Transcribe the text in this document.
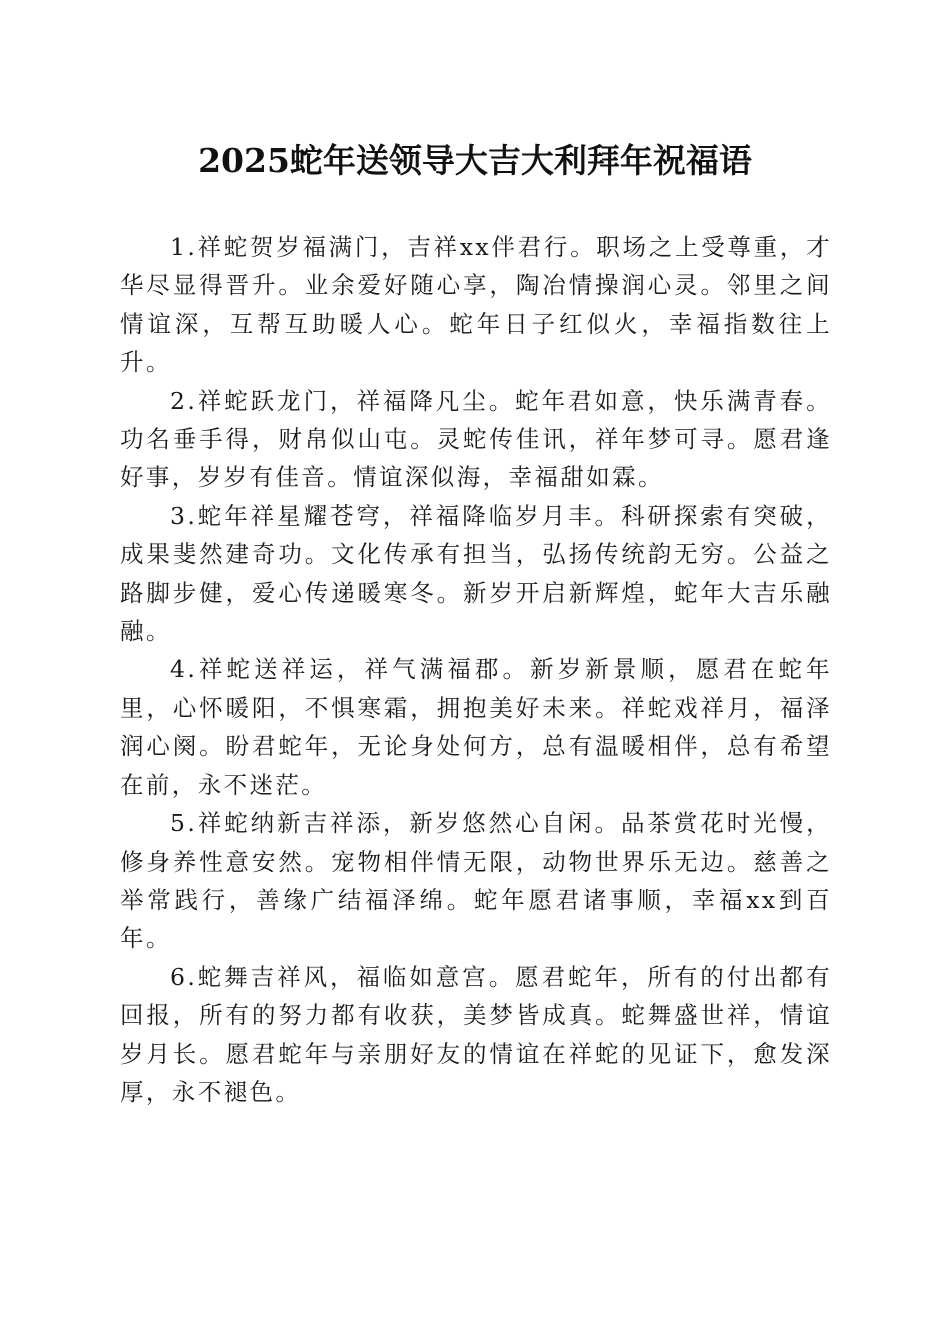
2025蛇年送领导大吉大利拜年祝福语

1.祥蛇贺岁福满门，吉祥xx伴君行。职场之上受尊重，才华尽显得晋升。业余爱好随心享，陶冶情操润心灵。邻里之间情谊深，互帮互助暖人心。蛇年日子红似火，幸福指数往上升。

2.祥蛇跃龙门，祥福降凡尘。蛇年君如意，快乐满青春。功名垂手得，财帛似山屯。灵蛇传佳讯，祥年梦可寻。愿君逢好事，岁岁有佳音。情谊深似海，幸福甜如霖。

3.蛇年祥星耀苍穹，祥福降临岁月丰。科研探索有突破，成果斐然建奇功。文化传承有担当，弘扬传统韵无穷。公益之路脚步健，爱心传递暖寒冬。新岁开启新辉煌，蛇年大吉乐融融。

4.祥蛇送祥运，祥气满福郡。新岁新景顺，愿君在蛇年里，心怀暖阳，不惧寒霜，拥抱美好未来。祥蛇戏祥月，福泽润心阕。盼君蛇年，无论身处何方，总有温暖相伴，总有希望在前，永不迷茫。

5.祥蛇纳新吉祥添，新岁悠然心自闲。品茶赏花时光慢，修身养性意安然。宠物相伴情无限，动物世界乐无边。慈善之举常践行，善缘广结福泽绵。蛇年愿君诸事顺，幸福xx到百年。

6.蛇舞吉祥风，福临如意宫。愿君蛇年，所有的付出都有回报，所有的努力都有收获，美梦皆成真。蛇舞盛世祥，情谊岁月长。愿君蛇年与亲朋好友的情谊在祥蛇的见证下，愈发深厚，永不褪色。
